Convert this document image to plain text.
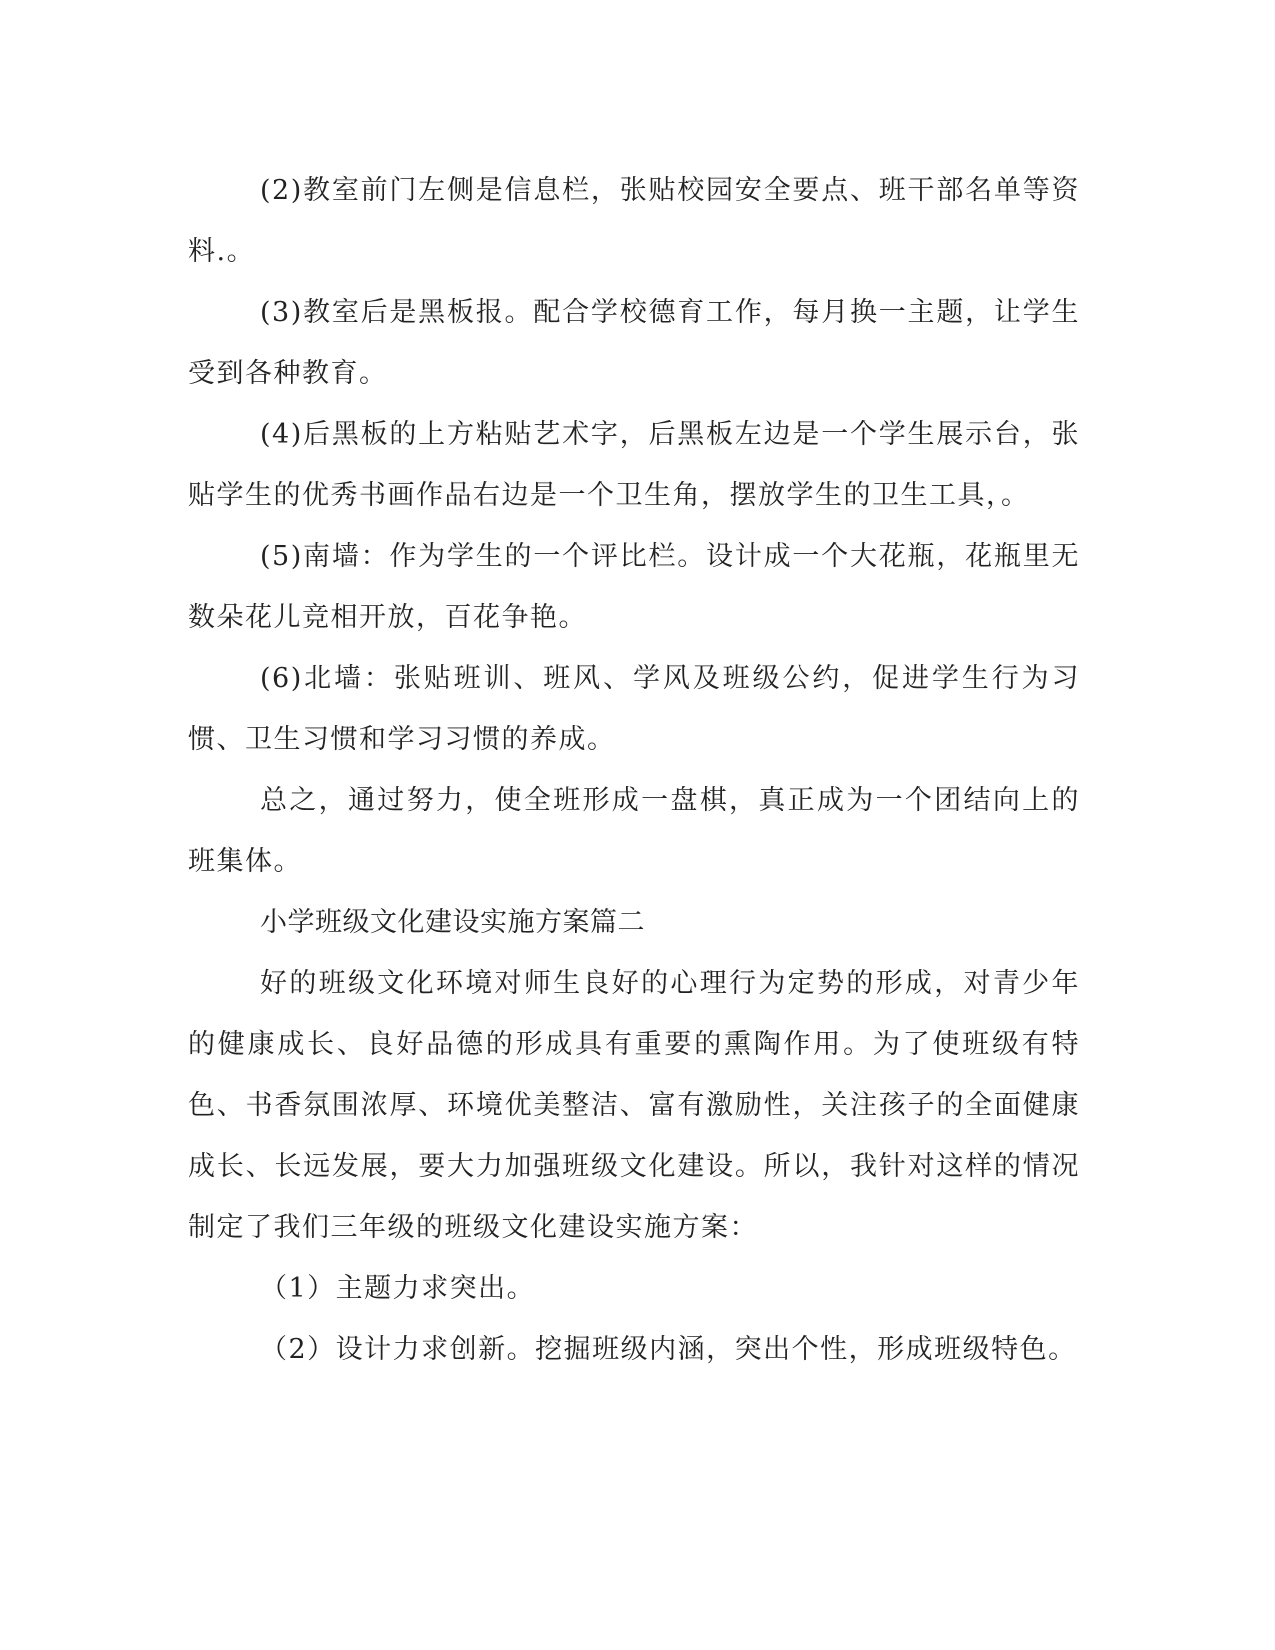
(2)教室前门左侧是信息栏，张贴校园安全要点、班干部名单等资料.。

(3)教室后是黑板报。配合学校德育工作，每月换一主题，让学生受到各种教育。

(4)后黑板的上方粘贴艺术字，后黑板左边是一个学生展示台，张贴学生的优秀书画作品右边是一个卫生角，摆放学生的卫生工具，。

(5)南墙：作为学生的一个评比栏。设计成一个大花瓶，花瓶里无数朵花儿竞相开放，百花争艳。

(6)北墙：张贴班训、班风、学风及班级公约，促进学生行为习惯、卫生习惯和学习习惯的养成。

总之，通过努力，使全班形成一盘棋，真正成为一个团结向上的班集体。

小学班级文化建设实施方案篇二

好的班级文化环境对师生良好的心理行为定势的形成，对青少年的健康成长、良好品德的形成具有重要的熏陶作用。为了使班级有特色、书香氛围浓厚、环境优美整洁、富有激励性，关注孩子的全面健康成长、长远发展，要大力加强班级文化建设。所以，我针对这样的情况制定了我们三年级的班级文化建设实施方案：

（1）主题力求突出。

（2）设计力求创新。挖掘班级内涵，突出个性，形成班级特色。
